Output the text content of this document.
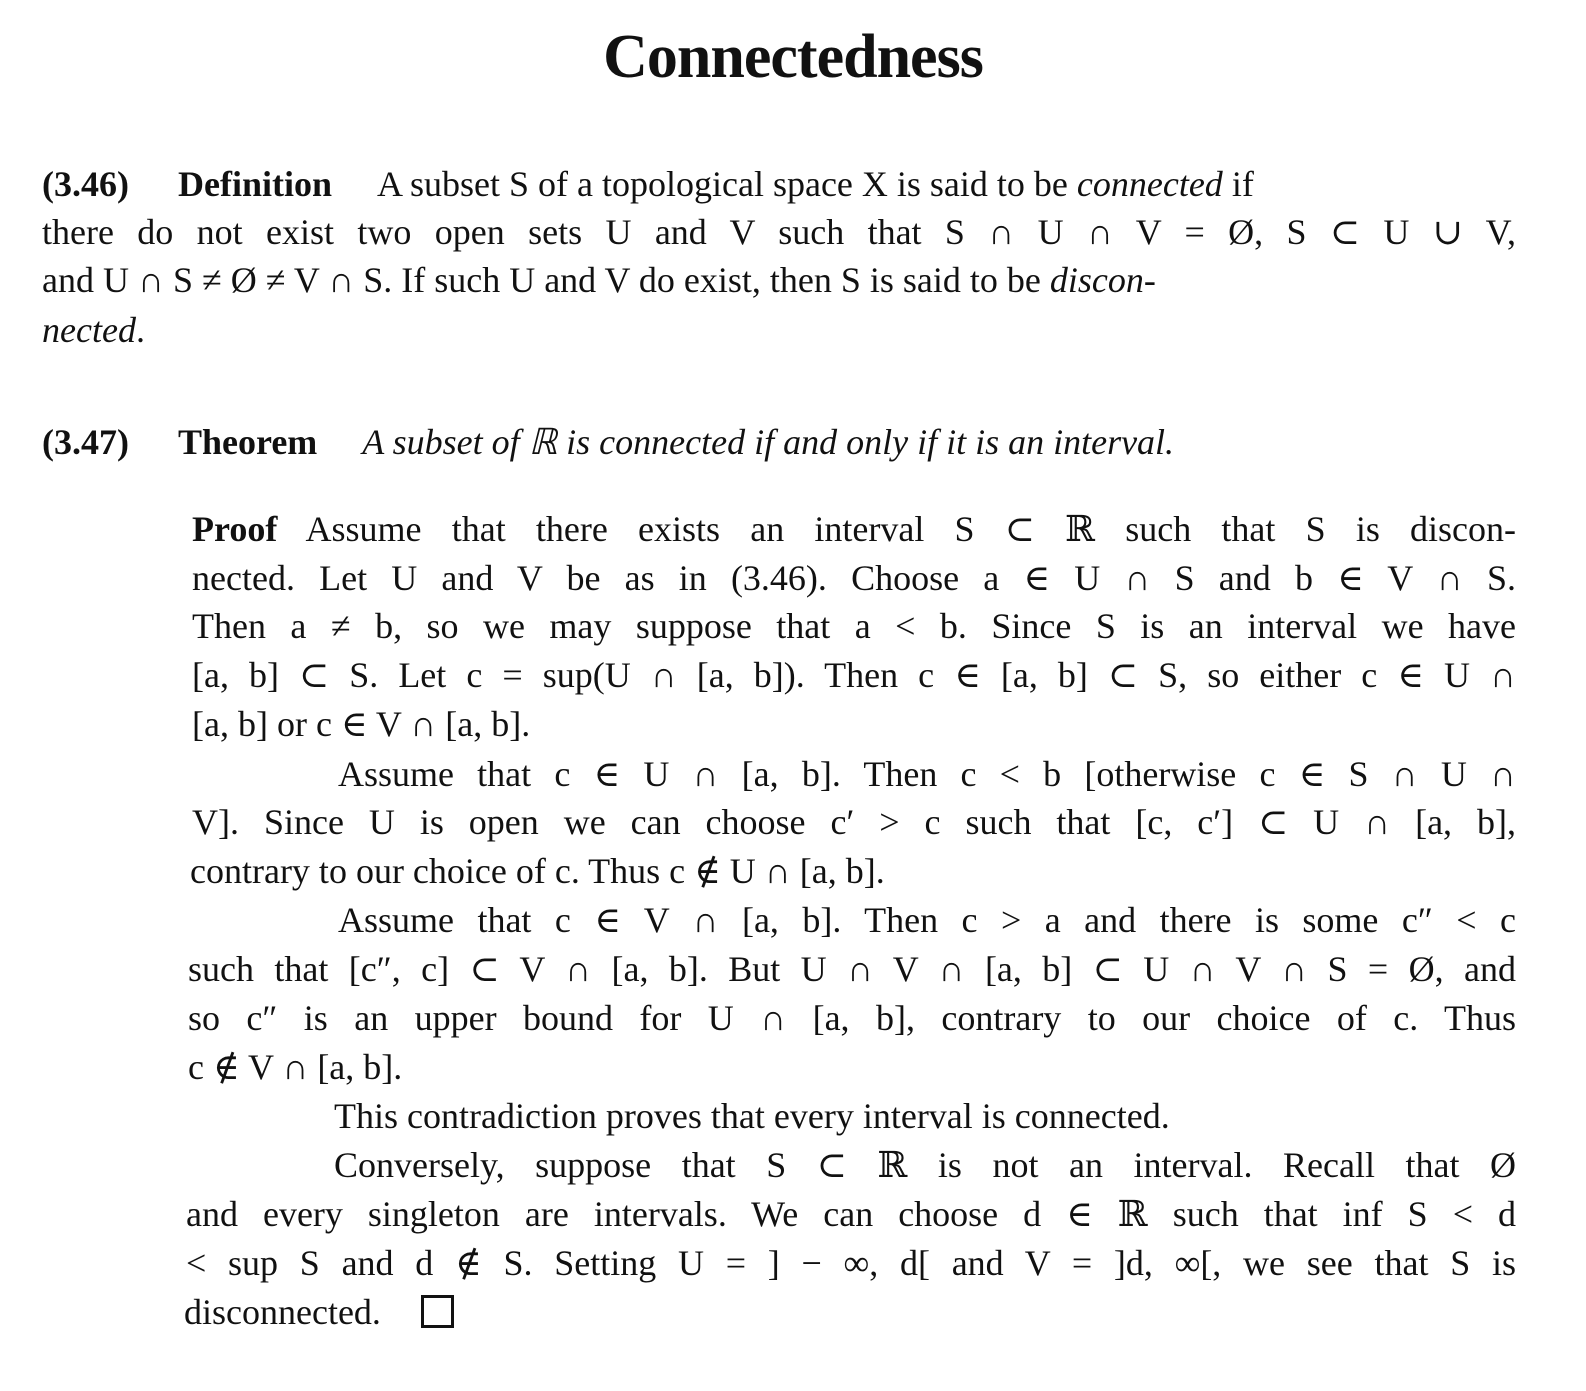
Connectedness
(3.46) Definition A subset S of a topological space X is said to be connected if
there do not exist two open sets U and V such that S ∩ U ∩ V = Ø, S ⊂ U ∪ V,
and U ∩ S ≠ Ø ≠ V ∩ S. If such U and V do exist, then S is said to be discon-
nected.
(3.47) Theorem A subset of ℝ is connected if and only if it is an interval.
Proof Assume that there exists an interval S ⊂ ℝ such that S is discon-
nected. Let U and V be as in (3.46). Choose a ∈ U ∩ S and b ∈ V ∩ S.
Then a ≠ b, so we may suppose that a < b. Since S is an interval we have
[a, b] ⊂ S. Let c = sup(U ∩ [a, b]). Then c ∈ [a, b] ⊂ S, so either c ∈ U ∩
[a, b] or c ∈ V ∩ [a, b].
Assume that c ∈ U ∩ [a, b]. Then c < b [otherwise c ∈ S ∩ U ∩
V]. Since U is open we can choose c′ > c such that [c, c′] ⊂ U ∩ [a, b],
contrary to our choice of c. Thus c ∉ U ∩ [a, b].
Assume that c ∈ V ∩ [a, b]. Then c > a and there is some c″ < c
such that [c″, c] ⊂ V ∩ [a, b]. But U ∩ V ∩ [a, b] ⊂ U ∩ V ∩ S = Ø, and
so c″ is an upper bound for U ∩ [a, b], contrary to our choice of c. Thus
c ∉ V ∩ [a, b].
This contradiction proves that every interval is connected.
Conversely, suppose that S ⊂ ℝ is not an interval. Recall that Ø
and every singleton are intervals. We can choose d ∈ ℝ such that inf S < d
< sup S and d ∉ S. Setting U = ] − ∞, d[ and V = ]d, ∞[, we see that S is
disconnected.
